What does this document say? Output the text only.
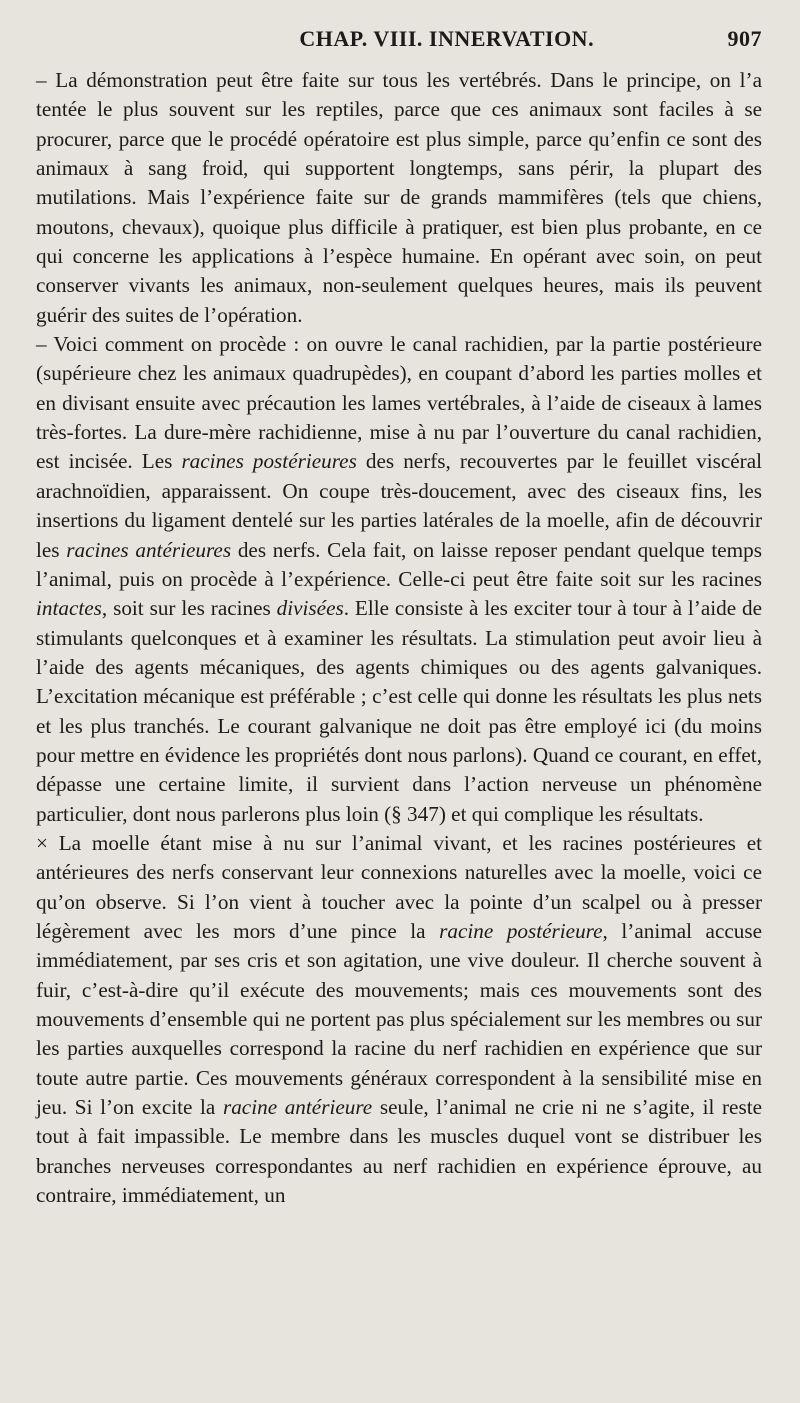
CHAP. VIII. INNERVATION.	907

– La démonstration peut être faite sur tous les vertébrés. Dans le principe, on l’a tentée le plus souvent sur les reptiles, parce que ces animaux sont faciles à se procurer, parce que le procédé opératoire est plus simple, parce qu’enfin ce sont des animaux à sang froid, qui supportent longtemps, sans périr, la plupart des mutilations. Mais l’expérience faite sur de grands mammifères (tels que chiens, moutons, chevaux), quoique plus difficile à pratiquer, est bien plus probante, en ce qui concerne les applications à l’espèce humaine. En opérant avec soin, on peut conserver vivants les animaux, non-seulement quelques heures, mais ils peuvent guérir des suites de l’opération.

– Voici comment on procède : on ouvre le canal rachidien, par la partie postérieure (supérieure chez les animaux quadrupèdes), en coupant d’abord les parties molles et en divisant ensuite avec précaution les lames vertébrales, à l’aide de ciseaux à lames très-fortes. La dure-mère rachidienne, mise à nu par l’ouverture du canal rachidien, est incisée. Les racines postérieures des nerfs, recouvertes par le feuillet viscéral arachnoïdien, apparaissent. On coupe très-doucement, avec des ciseaux fins, les insertions du ligament dentelé sur les parties latérales de la moelle, afin de découvrir les racines antérieures des nerfs. Cela fait, on laisse reposer pendant quelque temps l’animal, puis on procède à l’expérience. Celle-ci peut être faite soit sur les racines intactes, soit sur les racines divisées. Elle consiste à les exciter tour à tour à l’aide de stimulants quelconques et à examiner les résultats. La stimulation peut avoir lieu à l’aide des agents mécaniques, des agents chimiques ou des agents galvaniques. L’excitation mécanique est préférable ; c’est celle qui donne les résultats les plus nets et les plus tranchés. Le courant galvanique ne doit pas être employé ici (du moins pour mettre en évidence les propriétés dont nous parlons). Quand ce courant, en effet, dépasse une certaine limite, il survient dans l’action nerveuse un phénomène particulier, dont nous parlerons plus loin (§ 347) et qui complique les résultats.

× La moelle étant mise à nu sur l’animal vivant, et les racines postérieures et antérieures des nerfs conservant leur connexions naturelles avec la moelle, voici ce qu’on observe. Si l’on vient à toucher avec la pointe d’un scalpel ou à presser légèrement avec les mors d’une pince la racine postérieure, l’animal accuse immédiatement, par ses cris et son agitation, une vive douleur. Il cherche souvent à fuir, c’est-à-dire qu’il exécute des mouvements; mais ces mouvements sont des mouvements d’ensemble qui ne portent pas plus spécialement sur les membres ou sur les parties auxquelles correspond la racine du nerf rachidien en expérience que sur toute autre partie. Ces mouvements généraux correspondent à la sensibilité mise en jeu. Si l’on excite la racine antérieure seule, l’animal ne crie ni ne s’agite, il reste tout à fait impassible. Le membre dans les muscles duquel vont se distribuer les branches nerveuses correspondantes au nerf rachidien en expérience éprouve, au contraire, immédiatement, un
